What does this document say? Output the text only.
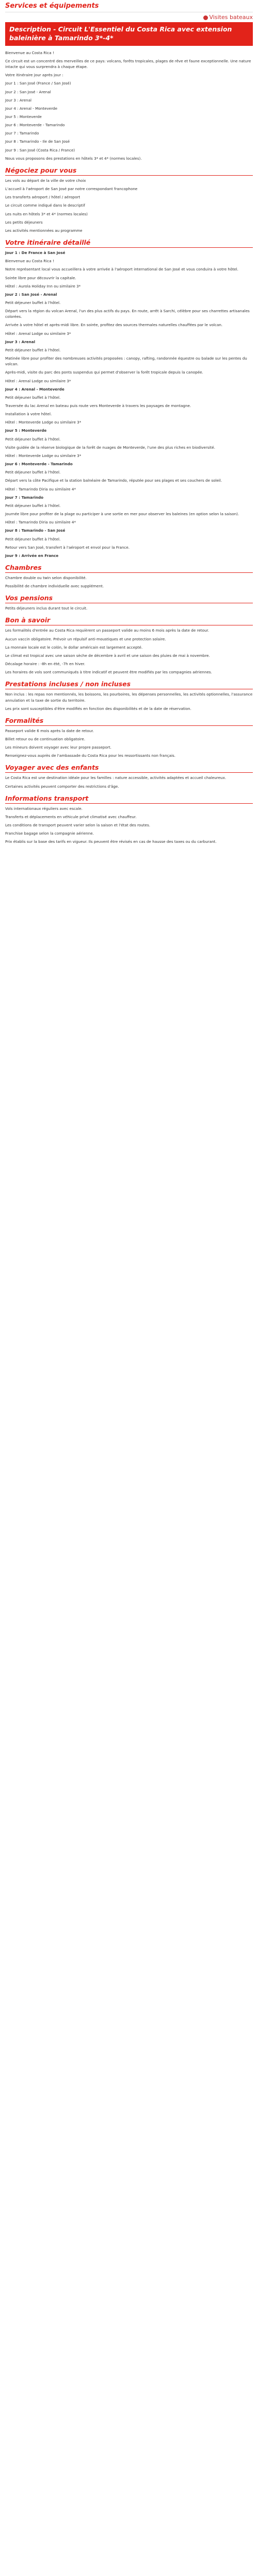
Services et équipements
Visites bateaux
Description - Circuit L'Essentiel du Costa Rica avec extension baleinière à Tamarindo 3*-4*

Bienvenue au Costa Rica !

Ce circuit est un concentré des merveilles de ce pays: volcans, forêts tropicales, plages de rêve et faune exceptionnelle. Une nature intacte qui vous surprendra à chaque étape.

Votre itinéraire jour après jour :

Jour 1 : San José (France / San José)

Jour 2 : San José - Arenal

Jour 3 : Arenal

Jour 4 : Arenal - Monteverde

Jour 5 : Monteverde

Jour 6 : Monteverde - Tamarindo

Jour 7 : Tamarindo

Jour 8 : Tamarindo - Ile de San José

Jour 9 : San José (Costa Rica / France)

Nous vous proposons des prestations en hôtels 3* et 4* (normes locales).

Négociez pour vous

Les vols au départ de la ville de votre choix

L'accueil à l'aéroport de San José par notre correspondant francophone

Les transferts aéroport / hôtel / aéroport

Le circuit comme indiqué dans le descriptif

Les nuits en hôtels 3* et 4* (normes locales)

Les petits déjeuners

Les activités mentionnées au programme

Votre itinéraire détaillé

Jour 1 : De France à San José

Bienvenue au Costa Rica !

Notre représentant local vous accueillera à votre arrivée à l'aéroport international de San José et vous conduira à votre hôtel.

Soirée libre pour découvrir la capitale.

Hôtel : Aurola Holiday Inn ou similaire 3*

Jour 2 : San José - Arenal

Petit déjeuner buffet à l'hôtel.

Départ vers la région du volcan Arenal, l'un des plus actifs du pays. En route, arrêt à Sarchi, célèbre pour ses charrettes artisanales colorées.

Arrivée à votre hôtel et après-midi libre. En soirée, profitez des sources thermales naturelles chauffées par le volcan.

Hôtel : Arenal Lodge ou similaire 3*

Jour 3 : Arenal

Petit déjeuner buffet à l'hôtel.

Matinée libre pour profiter des nombreuses activités proposées : canopy, rafting, randonnée équestre ou balade sur les pentes du volcan.

Après-midi, visite du parc des ponts suspendus qui permet d'observer la forêt tropicale depuis la canopée.

Hôtel : Arenal Lodge ou similaire 3*

Jour 4 : Arenal - Monteverde

Petit déjeuner buffet à l'hôtel.

Traversée du lac Arenal en bateau puis route vers Monteverde à travers les paysages de montagne.

Installation à votre hôtel.

Hôtel : Monteverde Lodge ou similaire 3*

Jour 5 : Monteverde

Petit déjeuner buffet à l'hôtel.

Visite guidée de la réserve biologique de la forêt de nuages de Monteverde, l'une des plus riches en biodiversité.

Hôtel : Monteverde Lodge ou similaire 3*

Jour 6 : Monteverde - Tamarindo

Petit déjeuner buffet à l'hôtel.

Départ vers la côte Pacifique et la station balnéaire de Tamarindo, réputée pour ses plages et ses couchers de soleil.

Hôtel : Tamarindo Diria ou similaire 4*

Jour 7 : Tamarindo

Petit déjeuner buffet à l'hôtel.

Journée libre pour profiter de la plage ou participer à une sortie en mer pour observer les baleines (en option selon la saison).

Hôtel : Tamarindo Diria ou similaire 4*

Jour 8 : Tamarindo - San José

Petit déjeuner buffet à l'hôtel.

Retour vers San José, transfert à l'aéroport et envol pour la France.

Jour 9 : Arrivée en France

Chambres

Chambre double ou twin selon disponibilité.

Possibilité de chambre individuelle avec supplément.

Vos pensions

Petits déjeuners inclus durant tout le circuit.

Bon à savoir

Les formalités d'entrée au Costa Rica requièrent un passeport valide au moins 6 mois après la date de retour.

Aucun vaccin obligatoire. Prévoir un répulsif anti-moustiques et une protection solaire.

La monnaie locale est le colón, le dollar américain est largement accepté.

Le climat est tropical avec une saison sèche de décembre à avril et une saison des pluies de mai à novembre.

Décalage horaire : -8h en été, -7h en hiver.

Les horaires de vols sont communiqués à titre indicatif et peuvent être modifiés par les compagnies aériennes.

Prestations incluses / non incluses

Non inclus : les repas non mentionnés, les boissons, les pourboires, les dépenses personnelles, les activités optionnelles, l'assurance annulation et la taxe de sortie du territoire.

Les prix sont susceptibles d'être modifiés en fonction des disponibilités et de la date de réservation.

Formalités

Passeport valide 6 mois après la date de retour.

Billet retour ou de continuation obligatoire.

Les mineurs doivent voyager avec leur propre passeport.

Renseignez-vous auprès de l'ambassade du Costa Rica pour les ressortissants non français.

Voyager avec des enfants

Le Costa Rica est une destination idéale pour les familles : nature accessible, activités adaptées et accueil chaleureux.

Certaines activités peuvent comporter des restrictions d'âge.

Informations transport

Vols internationaux réguliers avec escale.

Transferts et déplacements en véhicule privé climatisé avec chauffeur.

Les conditions de transport peuvent varier selon la saison et l'état des routes.

Franchise bagage selon la compagnie aérienne.

Prix établis sur la base des tarifs en vigueur. Ils peuvent être révisés en cas de hausse des taxes ou du carburant.
